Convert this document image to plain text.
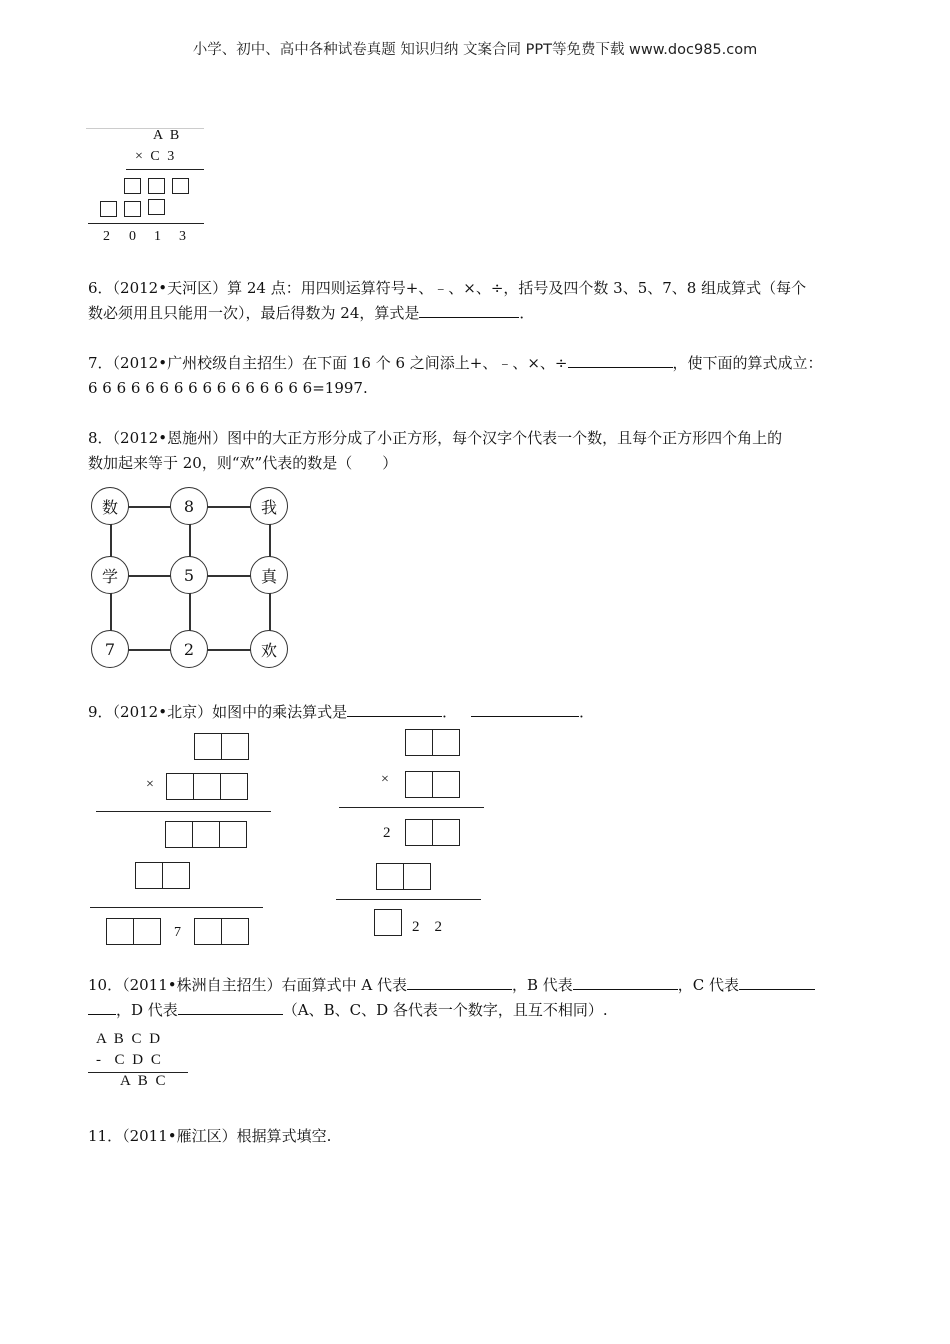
小学、初中、高中各种试卷真题 知识归纳 文案合同 PPT等免费下载 www.doc985.com
A B
× C 3
2 0 1 3
6．（2012•天河区）算 24 点：用四则运算符号+、﹣、×、÷，括号及四个数 3、5、7、8 组成算式（每个
数必须用且只能用一次），最后得数为 24，算式是	．
7．（2012•广州校级自主招生）在下面 16 个 6 之间添上+、﹣、×、÷	，使下面的算式成立：
6 6 6 6 6 6 6 6 6 6 6 6 6 6 6 6=1997.
8．（2012•恩施州）图中的大正方形分成了小正方形，每个汉字个代表一个数，且每个正方形四个角上的
数加起来等于 20，则“欢”代表的数是（　　）
数	8	我
学	5	真
7	2	欢
9．（2012•北京）如图中的乘法算式是	．	．
×
7
×
2
2　2
10．（2011•株洲自主招生）右面算式中 A 代表	，B 代表	，C 代表
，D 代表	（A、B、C、D 各代表一个数字，且互不相同）.
A B C D
-  C D C
A B C
11．（2011•雁江区）根据算式填空.
